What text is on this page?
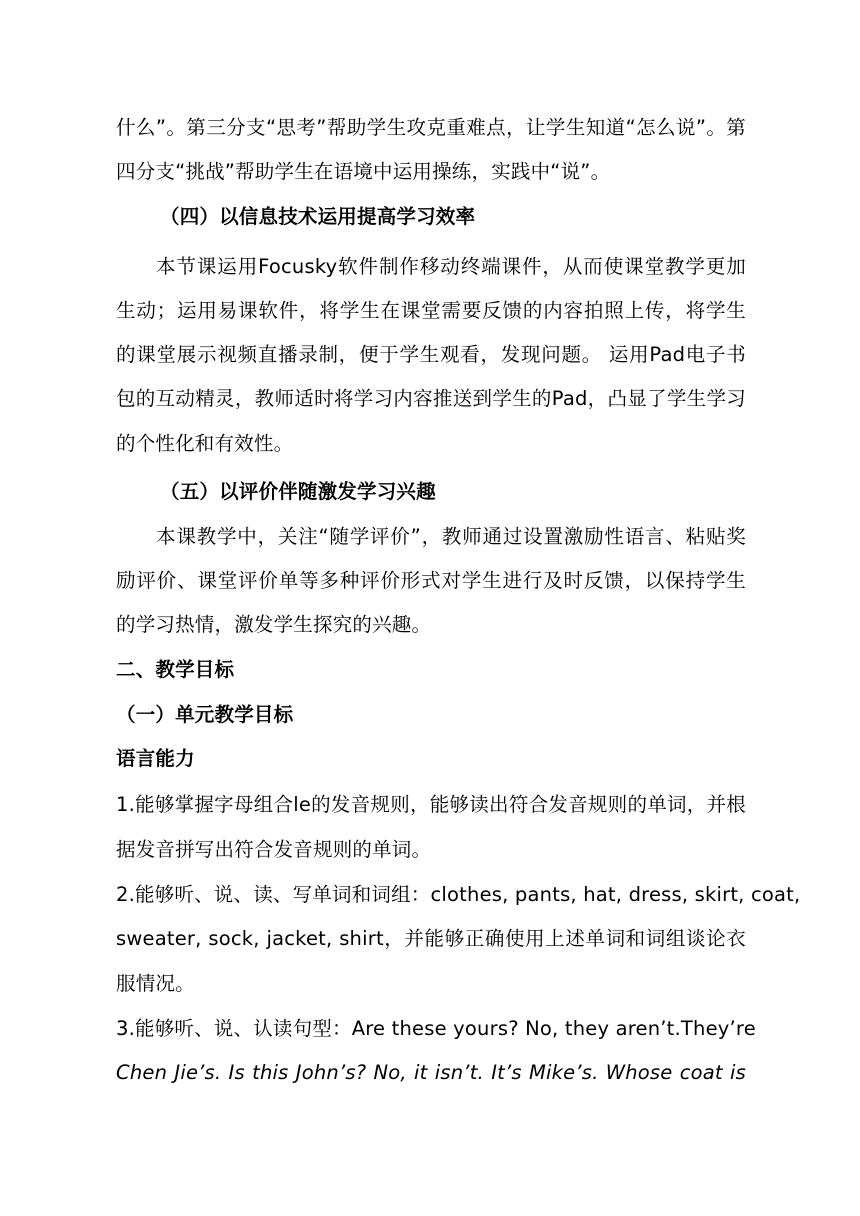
什么”。第三分支“思考”帮助学生攻克重难点，让学生知道“怎么说”。第
四分支“挑战”帮助学生在语境中运用操练，实践中“说”。
（四）以信息技术运用提高学习效率
本节课运用Focusky软件制作移动终端课件，从而使课堂教学更加
生动；运用易课软件，将学生在课堂需要反馈的内容拍照上传，将学生
的课堂展示视频直播录制，便于学生观看，发现问题。 运用Pad电子书
包的互动精灵，教师适时将学习内容推送到学生的Pad，凸显了学生学习
的个性化和有效性。
（五）以评价伴随激发学习兴趣
本课教学中，关注“随学评价”，教师通过设置激励性语言、粘贴奖
励评价、课堂评价单等多种评价形式对学生进行及时反馈，以保持学生
的学习热情，激发学生探究的兴趣。
二、教学目标
（一）单元教学目标
语言能力
1.能够掌握字母组合le的发音规则，能够读出符合发音规则的单词，并根
据发音拼写出符合发音规则的单词。
2.能够听、说、读、写单词和词组：clothes, pants, hat, dress, skirt, coat,
sweater, sock, jacket, shirt，并能够正确使用上述单词和词组谈论衣
服情况。
3.能够听、说、认读句型：Are these yours? No, they aren’t.They’re
Chen Jie’s. Is this John’s? No, it isn’t. It’s Mike’s. Whose coat is
